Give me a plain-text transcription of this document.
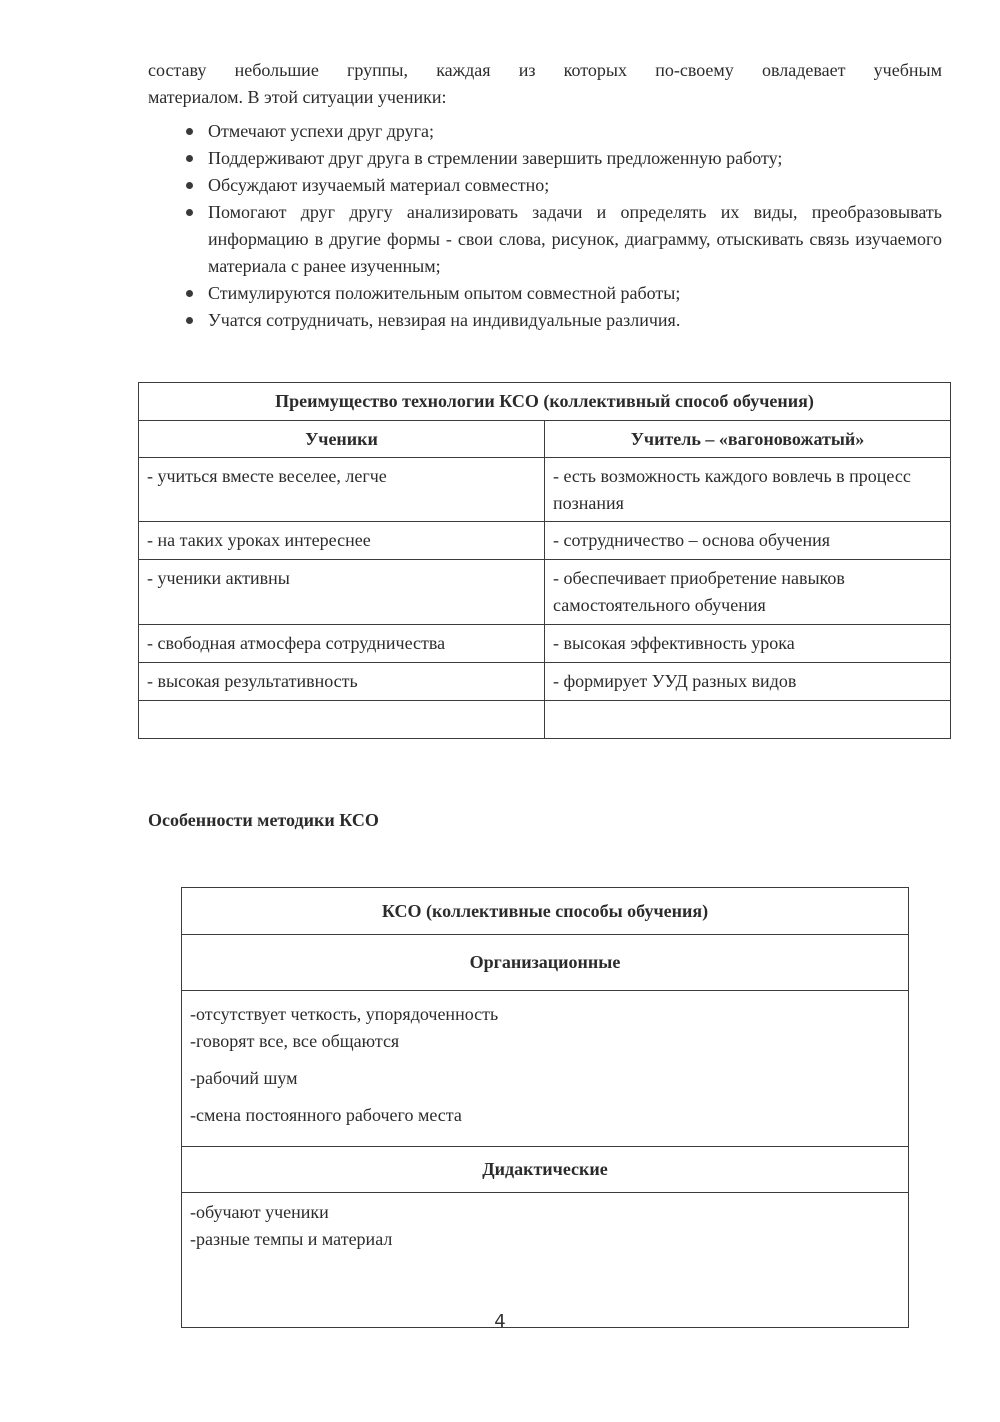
составу небольшие группы, каждая из которых по-своему овладевает учебным
материалом. В этой ситуации ученики:

Отмечают успехи друг друга;
Поддерживают друг друга в стремлении завершить предложенную работу;
Обсуждают изучаемый материал совместно;
Помогают друг другу анализировать задачи и определять их виды, преобразовывать информацию в другие формы - свои слова, рисунок, диаграмму, отыскивать связь изучаемого материала с ранее изученным;
Стимулируются положительным опытом совместной работы;
Учатся сотрудничать, невзирая на индивидуальные различия.
Преимущество технологии КСО (коллективный способ обучения)	
Ученики	Учитель – «вагоновожатый»
- учиться вместе веселее, легче	- есть возможность каждого вовлечь в процесс познания
- на таких уроках интереснее	- сотрудничество – основа обучения
- ученики активны	- обеспечивает приобретение навыков самостоятельного обучения
- свободная атмосфера сотрудничества	- высокая эффективность урока
- высокая результативность	- формирует УУД разных видов

Особенности методики КСО

КСО (коллективные способы обучения)
Организационные

-отсутствует четкость, упорядоченность
-говорят все, все общаются
-рабочий шум
-смена постоянного рабочего места

Дидактические

-обучают ученики
-разные темпы и материал
4
